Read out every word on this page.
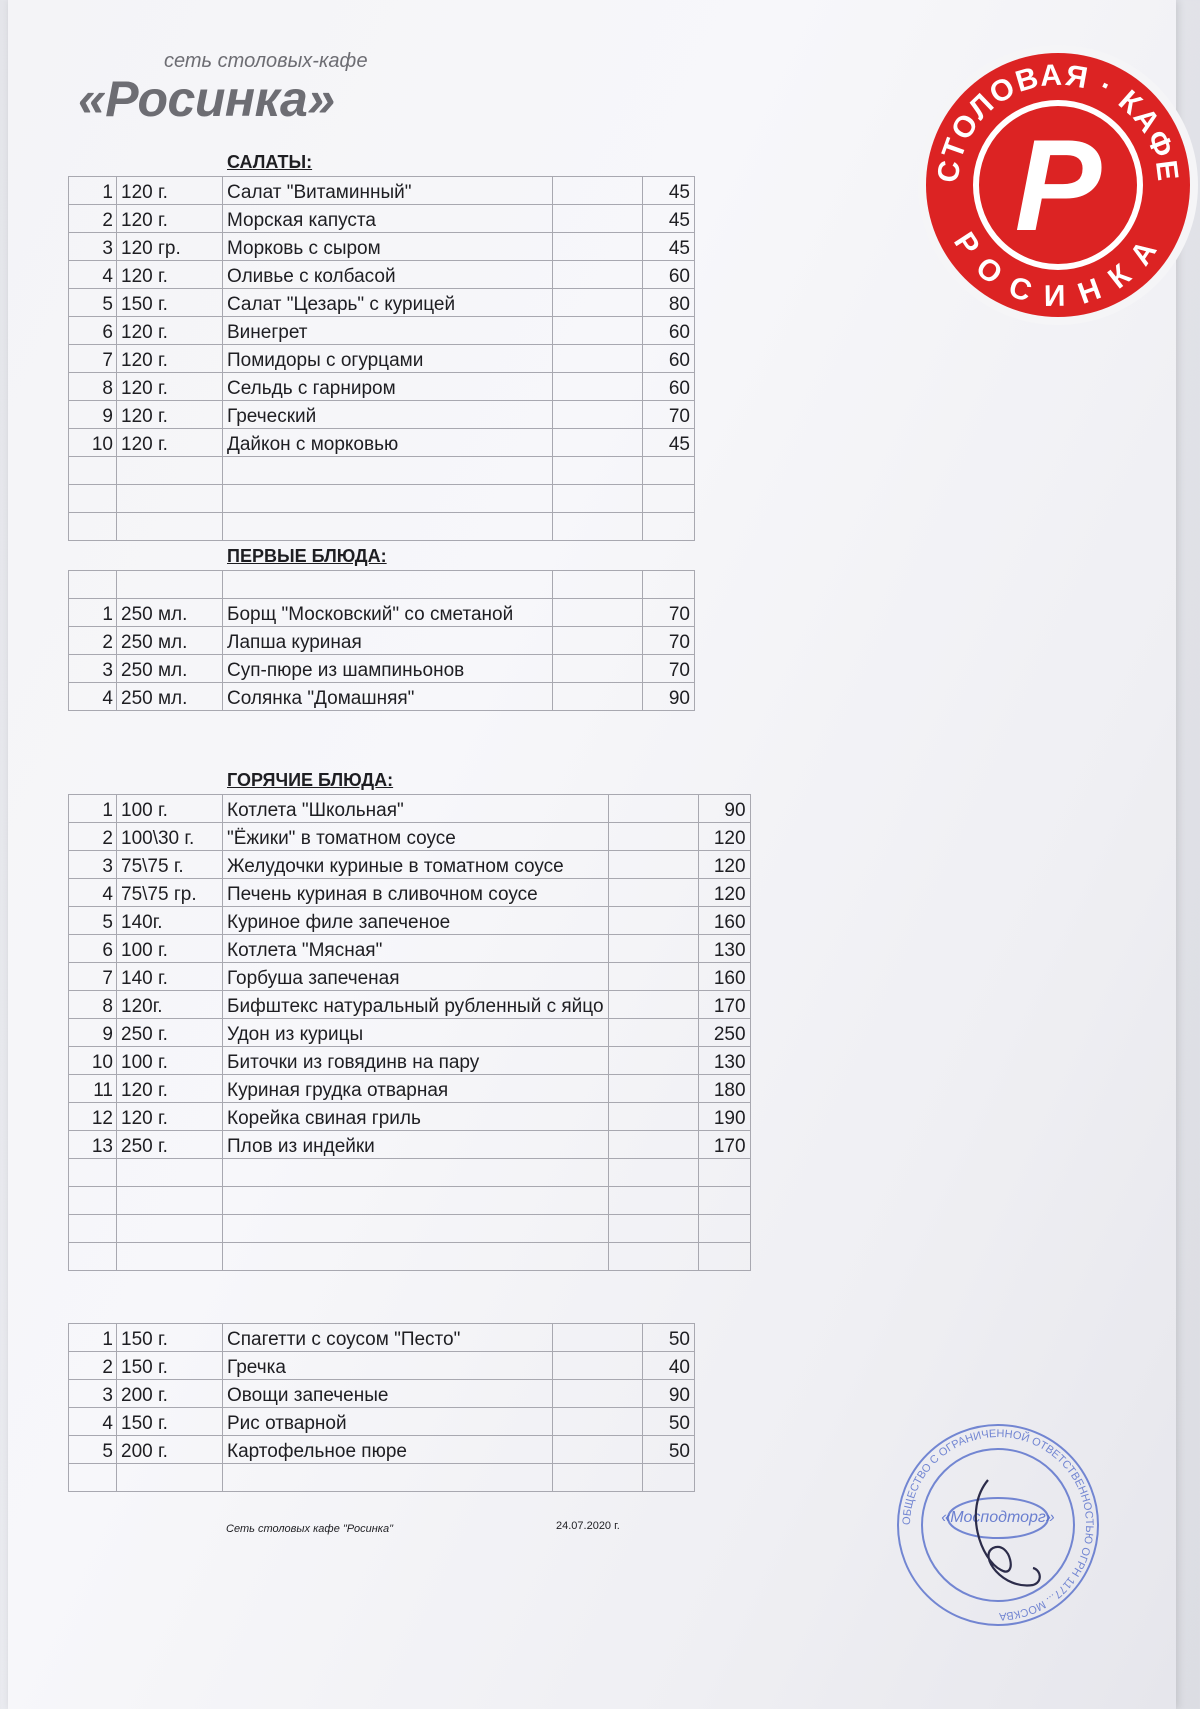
сеть столовых-кафе
«Росинка»
СТОЛОВАЯ · КАФЕ
РОСИНКА
Р
САЛАТЫ:
1	120 г.	Салат "Витаминный"		45
2	120 г.	Морская капуста		45
3	120 гр.	Морковь с сыром		45
4	120 г.	Оливье с колбасой		60
5	150 г.	Салат "Цезарь" с курицей		80
6	120 г.	Винегрет		60
7	120 г.	Помидоры с огурцами		60
8	120 г.	Сельдь с гарниром		60
9	120 г.	Греческий		70
10	120 г.	Дайкон с морковью		45

ПЕРВЫЕ БЛЮДА:

1	250 мл.	Борщ "Московский" со сметаной		70
2	250 мл.	Лапша куриная		70
3	250 мл.	Суп-пюре из шампиньонов		70
4	250 мл.	Солянка "Домашняя"		90
ГОРЯЧИЕ БЛЮДА:
1	100 г.	Котлета "Школьная"		90
2	100\30 г.	"Ёжики" в томатном соусе		120
3	75\75 г.	Желудочки куриные в томатном соусе		120
4	75\75 гр.	Печень куриная в сливочном соусе		120
5	140г.	Куриное филе запеченое		160
6	100 г.	Котлета "Мясная"		130
7	140 г.	Горбуша запеченая		160
8	120г.	Бифштекс натуральный рубленный с яйцо		170
9	250 г.	Удон из курицы		250
10	100 г.	Биточки из говядинв на пару		130
11	120 г.	Куриная грудка отварная		180
12	120 г.	Корейка свиная гриль		190
13	250 г.	Плов из индейки		170

1	150 г.	Спагетти с соусом "Песто"		50
2	150 г.	Гречка		40
3	200 г.	Овощи запеченые		90
4	150 г.	Рис отварной		50
5	200 г.	Картофельное пюре		50

Сеть столовых кафе "Росинка"	24.07.2020 г.	ОБЩЕСТВО С ОГРАНИЧЕННОЙ ОТВЕТСТВЕННОСТЬЮ ОГРН 1177... МОСКВА
«Мосподторг»
